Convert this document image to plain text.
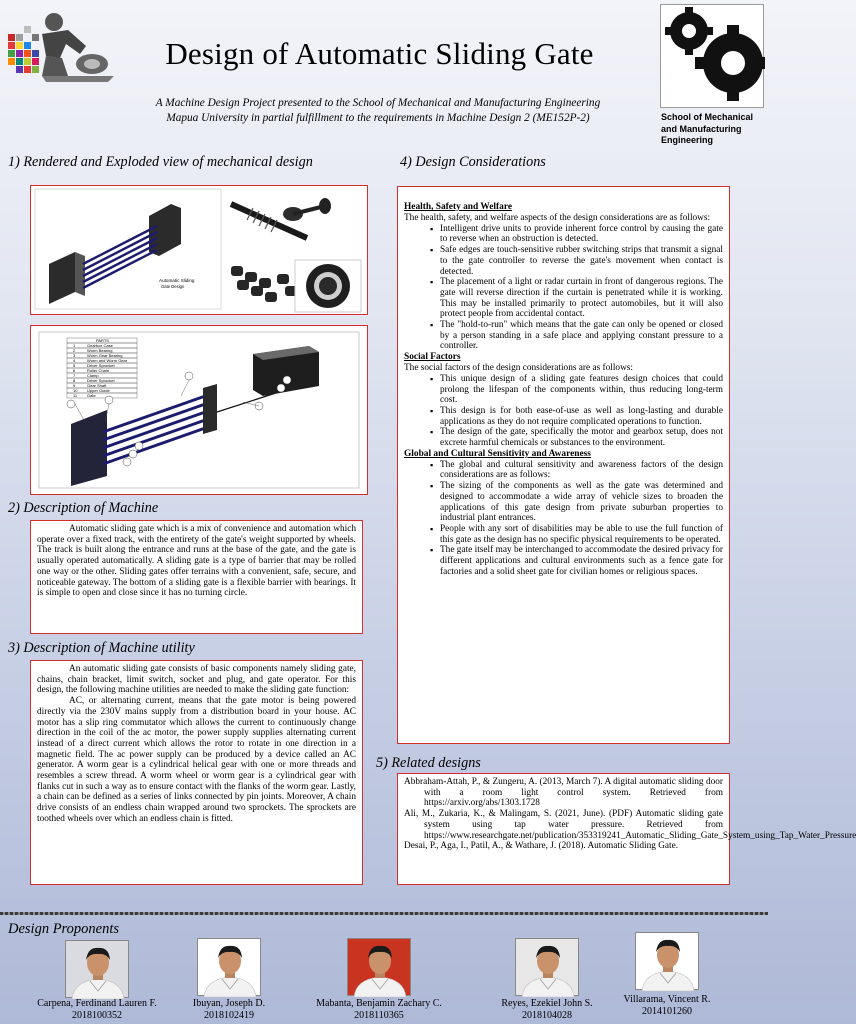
Design of Automatic Sliding Gate
A Machine Design Project presented to the School of Mechanical and Manufacturing Engineering
Mapua University in partial fulfillment to the requirements in Machine Design 2 (ME152P-2)	School of Mechanical and Manufacturing Engineering
1) Rendered and Exploded view of mechanical design	4) Design Considerations
2) Description of Machine
3) Description of Machine utility
5) Related designs
Automatic Sliding
Gate Design
PARTS
1	Gearbox Case
2	Worm Bearing
3	Worm Gear Bearing
4	Worm and Worm Gear
5	Driver Sprocket
6	Roller Chain
7	Clamp
8	Driver Sprocket
9	Gear Shaft
10 Upper Guide
11 Gate

Automatic sliding gate which is a mix of convenience and automation which operate over a fixed track, with the entirety of the gate's weight supported by wheels. The track is built along the entrance and runs at the base of the gate, and the gate is usually operated automatically. A sliding gate is a type of barrier that may be rolled one way or the other. Sliding gates offer terrains with a convenient, safe, secure, and noticeable gateway. The bottom of a sliding gate is a flexible barrier with bearings. It is simple to open and close since it has no turning circle.

An automatic sliding gate consists of basic components namely sliding gate, chains, chain bracket, limit switch, socket and plug, and gate operator. For this design, the following machine utilities are needed to make the sliding gate function:

AC, or alternating current, means that the gate motor is being powered directly via the 230V mains supply from a distribution board in your house. AC motor has a slip ring commutator which allows the current to continuously change direction in the coil of the ac motor, the power supply supplies alternating current instead of a direct current which allows the rotor to rotate in one direction in a magnetic field. The ac power supply can be produced by a device called an AC generator. A worm gear is a cylindrical helical gear with one or more threads and resembles a screw thread. A worm wheel or worm gear is a cylindrical gear with flanks cut in such a way as to ensure contact with the flanks of the worm gear. Lastly, a chain can be defined as a series of links connected by pin joints. Moreover, A chain drive consists of an endless chain wrapped around two sprockets. The sprockets are toothed wheels over which an endless chain is fitted.

Health, Safety and Welfare
The health, safety, and welfare aspects of the design considerations are as follows:
▪ Intelligent drive units to provide inherent force control by causing the gate to reverse when an obstruction is detected.
▪ Safe edges are touch-sensitive rubber switching strips that transmit a signal to the gate controller to reverse the gate's movement when contact is detected.
▪ The placement of a light or radar curtain in front of dangerous regions. The gate will reverse direction if the curtain is penetrated while it is working. This may be installed primarily to protect automobiles, but it will also protect people from accidental contact.
▪ The "hold-to-run" which means that the gate can only be opened or closed by a person standing in a safe place and applying constant pressure to a controller.
Social Factors
The social factors of the design considerations are as follows:
▪ This unique design of a sliding gate features design choices that could prolong the lifespan of the components within, thus reducing long-term cost.
▪ This design is for both ease-of-use as well as long-lasting and durable applications as they do not require complicated operations to function.
▪ The design of the gate, specifically the motor and gearbox setup, does not excrete harmful chemicals or substances to the environment.
Global and Cultural Sensitivity and Awareness
▪ The global and cultural sensitivity and awareness factors of the design considerations are as follows:
▪ The sizing of the components as well as the gate was determined and designed to accommodate a wide array of vehicle sizes to broaden the applications of this gate design from private suburban properties to industrial plant entrances.
▪ People with any sort of disabilities may be able to use the full function of this gate as the design has no specific physical requirements to be operated.
▪ The gate itself may be interchanged to accommodate the desired privacy for different applications and cultural environments such as a fence gate for factories and a solid sheet gate for civilian homes or religious spaces.
Abbraham-Attah, P., & Zungeru, A. (2013, March 7). A digital automatic sliding door with a room light control system. Retrieved from https://arxiv.org/abs/1303.1728
Ali, M., Zukaria, K., & Malingam, S. (2021, June). (PDF) Automatic sliding gate system using tap water pressure. Retrieved from https://www.researchgate.net/publication/353319241_Automatic_Sliding_Gate_System_using_Tap_Water_Pressure
Desai, P., Aga, I., Patil, A., & Wathare, J. (2018). Automatic Sliding Gate.
Design Proponents
Carpena, Ferdinand Lauren F.
2018100352
Ibuyan, Joseph D.
2018102419
Mabanta, Benjamin Zachary C.
2018110365
Reyes, Ezekiel John S.
2018104028
Villarama, Vincent R.
2014101260
